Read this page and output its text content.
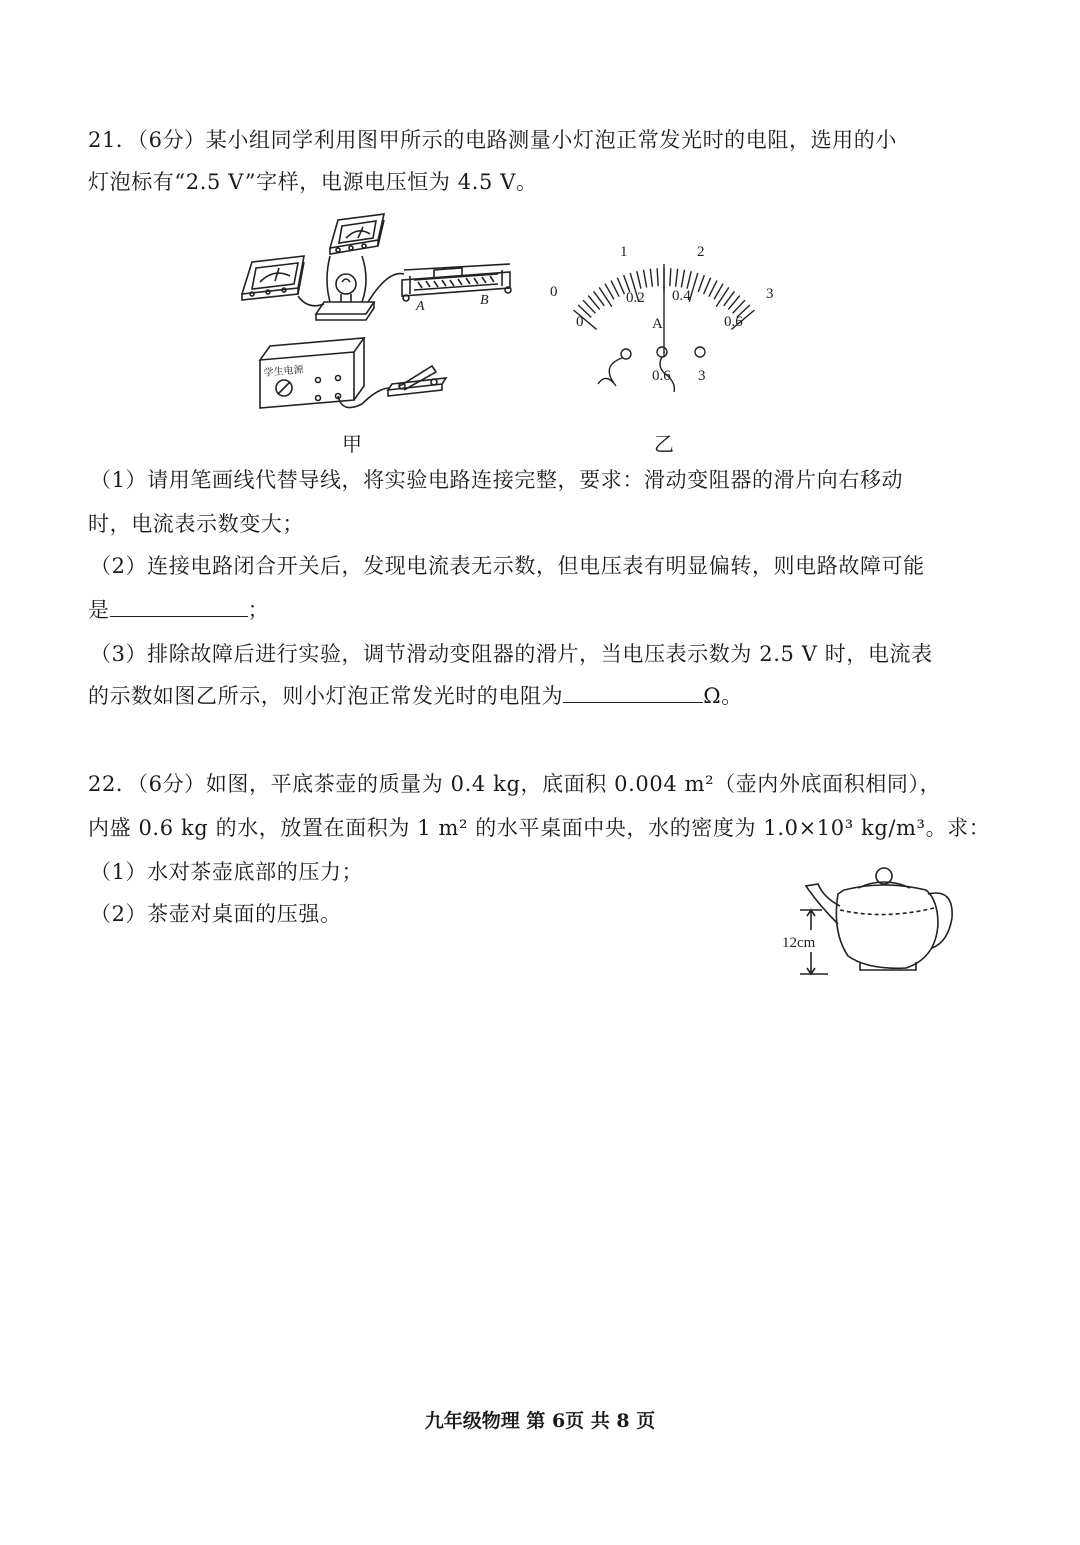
21．（6分）某小组同学利用图甲所示的电路测量小灯泡正常发光时的电阻，选用的小
灯泡标有“2.5 V”字样，电源电压恒为 4.5 V。
学生电源
A	B
甲
0
1	2
3
0
0.2 0.4
0.6
A
0.6 3
乙
（1）请用笔画线代替导线，将实验电路连接完整，要求：滑动变阻器的滑片向右移动
时，电流表示数变大；
（2）连接电路闭合开关后，发现电流表无示数，但电压表有明显偏转，则电路故障可能
是	；
（3）排除故障后进行实验，调节滑动变阻器的滑片，当电压表示数为 2.5 V 时，电流表
的示数如图乙所示，则小灯泡正常发光时的电阻为	Ω。
22．（6分）如图，平底茶壶的质量为 0.4 kg，底面积 0.004 m²（壶内外底面积相同），
内盛 0.6 kg 的水，放置在面积为 1 m² 的水平桌面中央，水的密度为 1.0×10³ kg/m³。求：
（1）水对茶壶底部的压力；
（2）茶壶对桌面的压强。
12cm
九年级物理 第 6页 共 8 页
